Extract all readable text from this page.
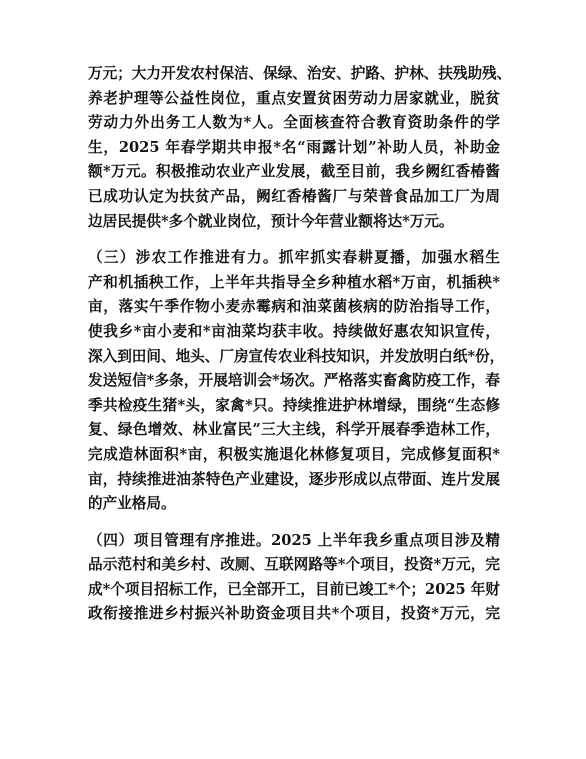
万元；大力开发农村保洁、保绿、治安、护路、护林、扶残助残、
养老护理等公益性岗位，重点安置贫困劳动力居家就业，脱贫
劳动力外出务工人数为*人。全面核查符合教育资助条件的学
生，2025 年春学期共申报*名“雨露计划”补助人员，补助金
额*万元。积极推动农业产业发展，截至目前，我乡阙红香椿酱
已成功认定为扶贫产品，阙红香椿酱厂与荣普食品加工厂为周
边居民提供*多个就业岗位，预计今年营业额将达*万元。
（三）涉农工作推进有力。抓牢抓实春耕夏播，加强水稻生
产和机插秧工作，上半年共指导全乡种植水稻*万亩，机插秧*
亩，落实午季作物小麦赤霉病和油菜菌核病的防治指导工作，
使我乡*亩小麦和*亩油菜均获丰收。持续做好惠农知识宣传，
深入到田间、地头、厂房宣传农业科技知识，并发放明白纸*份，
发送短信*多条，开展培训会*场次。严格落实畜禽防疫工作，春
季共检疫生猪*头，家禽*只。持续推进护林增绿，围绕“生态修
复、绿色增效、林业富民”三大主线，科学开展春季造林工作，
完成造林面积*亩，积极实施退化林修复项目，完成修复面积*
亩，持续推进油茶特色产业建设，逐步形成以点带面、连片发展
的产业格局。
（四）项目管理有序推进。2025 上半年我乡重点项目涉及精
品示范村和美乡村、改厕、互联网路等*个项目，投资*万元，完
成*个项目招标工作，已全部开工，目前已竣工*个；2025 年财
政衔接推进乡村振兴补助资金项目共*个项目，投资*万元，完
